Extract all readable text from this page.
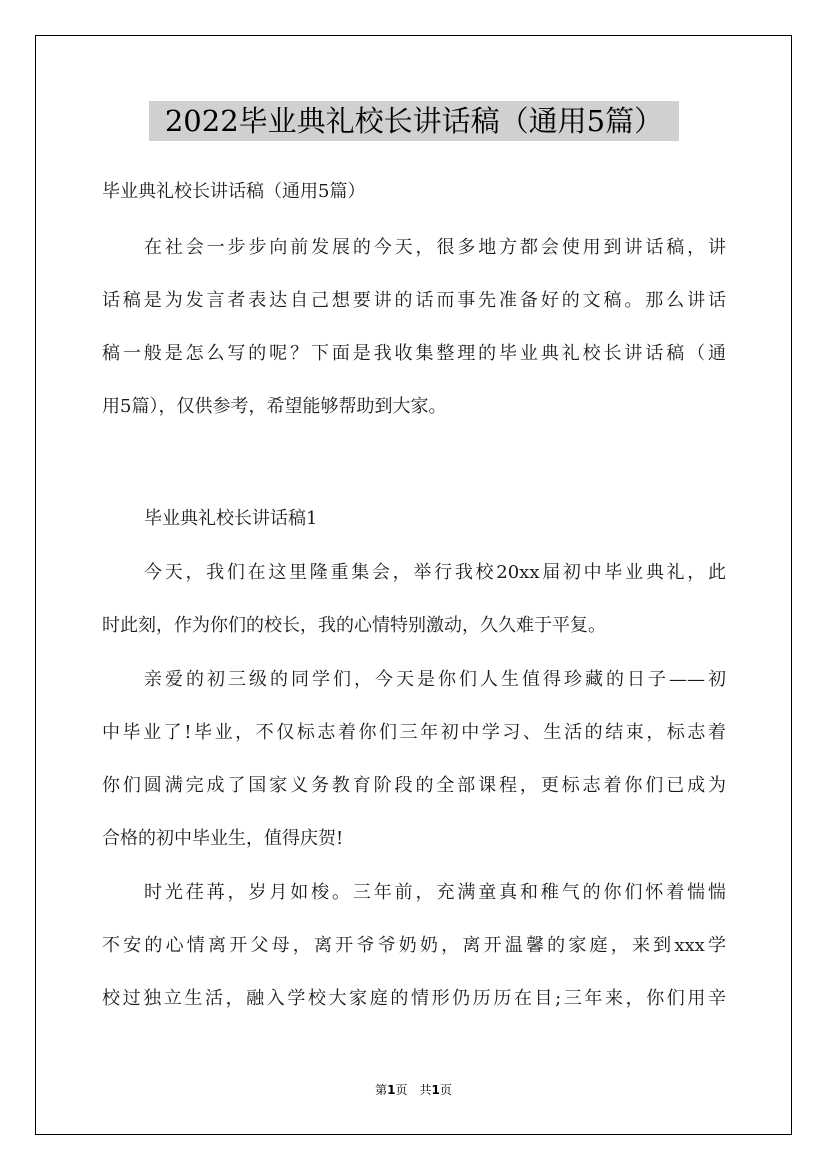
2022毕业典礼校长讲话稿（通用5篇）
毕业典礼校长讲话稿（通用5篇）
在社会一步步向前发展的今天，很多地方都会使用到讲话稿，讲
话稿是为发言者表达自己想要讲的话而事先准备好的文稿。那么讲话
稿一般是怎么写的呢？下面是我收集整理的毕业典礼校长讲话稿（通
用5篇），仅供参考，希望能够帮助到大家。
毕业典礼校长讲话稿1
今天，我们在这里隆重集会，举行我校20xx届初中毕业典礼，此
时此刻，作为你们的校长，我的心情特别激动，久久难于平复。
亲爱的初三级的同学们，今天是你们人生值得珍藏的日子——初
中毕业了!毕业，不仅标志着你们三年初中学习、生活的结束，标志着
你们圆满完成了国家义务教育阶段的全部课程，更标志着你们已成为
合格的初中毕业生，值得庆贺!
时光荏苒，岁月如梭。三年前，充满童真和稚气的你们怀着惴惴
不安的心情离开父母，离开爷爷奶奶，离开温馨的家庭，来到xxx学
校过独立生活，融入学校大家庭的情形仍历历在目;三年来，你们用辛
第1页 共1页
